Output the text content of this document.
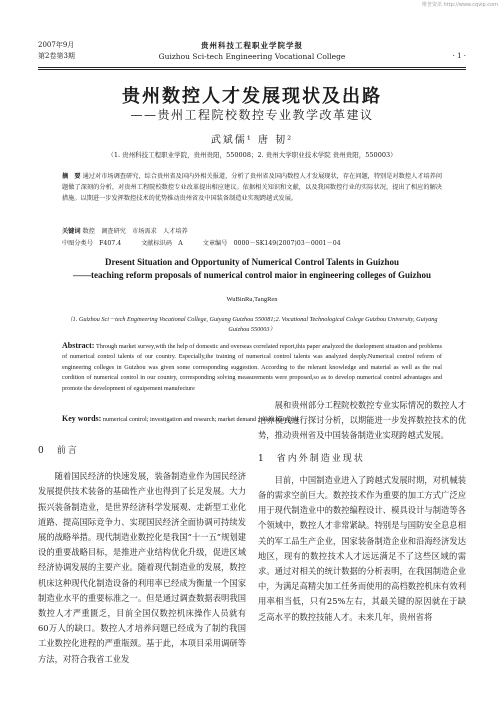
维普资讯 http://www.cqvip.com
2007年9月
第2卷第3期
贵州科技工程职业学院学报
Guizhou Sci-tech Engineering Vocational College	· 1 ·
贵州数控人才发展现状及出路
——贵州工程院校数控专业教学改革建议
武斌儒¹ 唐 韧²
（1. 贵州科技工程职业学院，贵州贵阳，550008；2. 贵州大学职业技术学院 贵州贵阳，550003）
摘　要 通过对市场调查研究，综合贵州省及国内外相关报道，分析了贵州省及国内数控人才发展现状，存在问题，特别是对数控人才培养问题做了深刻的分析，对贵州工程院校数控专业改革提出相应建议。依据相关知识和文献，以及我国数控行业的实际状况，提出了相应的解决措施。以期进一步发挥数控技术的优势推动贵州省及中国装备制造业实现跨越式发展。
关键词 数控　调查研究　市场需求　人才培养
中图分类号　F407.4	文献标识码　A	文章编号　0000－SK149(2007)03－0001－04
Dresent Situation and Opportunity of Numerical Control Talents in Guizhou
——teaching reform proposals of numerical control maior in engineering colleges of Guizhou
WuBinRu,TangRen
（1. Guizhou Sci－tech Engineering Vocational College, Guiyang Guizhou 550081;2. Vocational Technological Colege Guizhou University, Guiyang Guizhou 550003）
Abstract: Through market survey,with the help of domestic and overseas correlated report,this paper analyzed the duelopment situation and problems of numerical control talents of our country. Especially,the training of numerical control talents was analyzed deeply.Numerical control reform of engineering colleges in Guizhou was given some corresponding suggestion. According to the relerant knowledge and material as well as the real cordition of numerical control in our country, corresponding solving measurements were proposed,so as to develop numerical control advantages and promote the development of eguipement manufecture
Key words: numerical control; investigation and research; market demand ; talent trainging

0　前言

随着国民经济的快速发展，装备制造业作为国民经济发展提供技术装备的基础性产业也得到了长足发展。大力振兴装备制造业，是世界经济科学发展观、走新型工业化道路、提高国际竞争力、实现国民经济全面协调可持续发展的战略举措。现代制造业数控化是我国“十一五”规划建设的重要战略目标，是推进产业结构优化升级，促进区域经济协调发展的主要产业。随着现代制造业的发展，数控机床这种现代化制造设备的利用率已经成为衡量一个国家制造业水平的重要标准之一。但是通过调查数据表明我国数控人才严重匮乏，目前全国仅数控机床操作人员就有60万人的缺口。数控人才培养问题已经成为了制约我国工业数控化进程的严重瓶颈。基于此，本项目采用调研等方法，对符合我省工业发

展和贵州部分工程院校数控专业实际情况的数控人才培养模式进行探讨分析，以期能进一步发挥数控技术的优势，推动贵州省及中国装备制造业实现跨越式发展。

1　省内外制造业现状

目前，中国制造业进入了跨越式发展时期，对机械装备的需求空前巨大。数控技术作为重要的加工方式广泛应用于现代制造业中的数控编程设计、模具设计与制造等各个领域中，数控人才非常紧缺。特别是与国防安全息息相关的军工品生产企业，国家装备制造企业和沿海经济发达地区，现有的数控技术人才远远满足不了这些区域的需求。通过对相关的统计数据的分析表明，在我国制造企业中，为满足高精尖加工任务而使用的高档数控机床有效利用率相当低，只有25%左右，其最关键的原因就在于缺乏高水平的数控技能人才。未来几年，贵州省将
